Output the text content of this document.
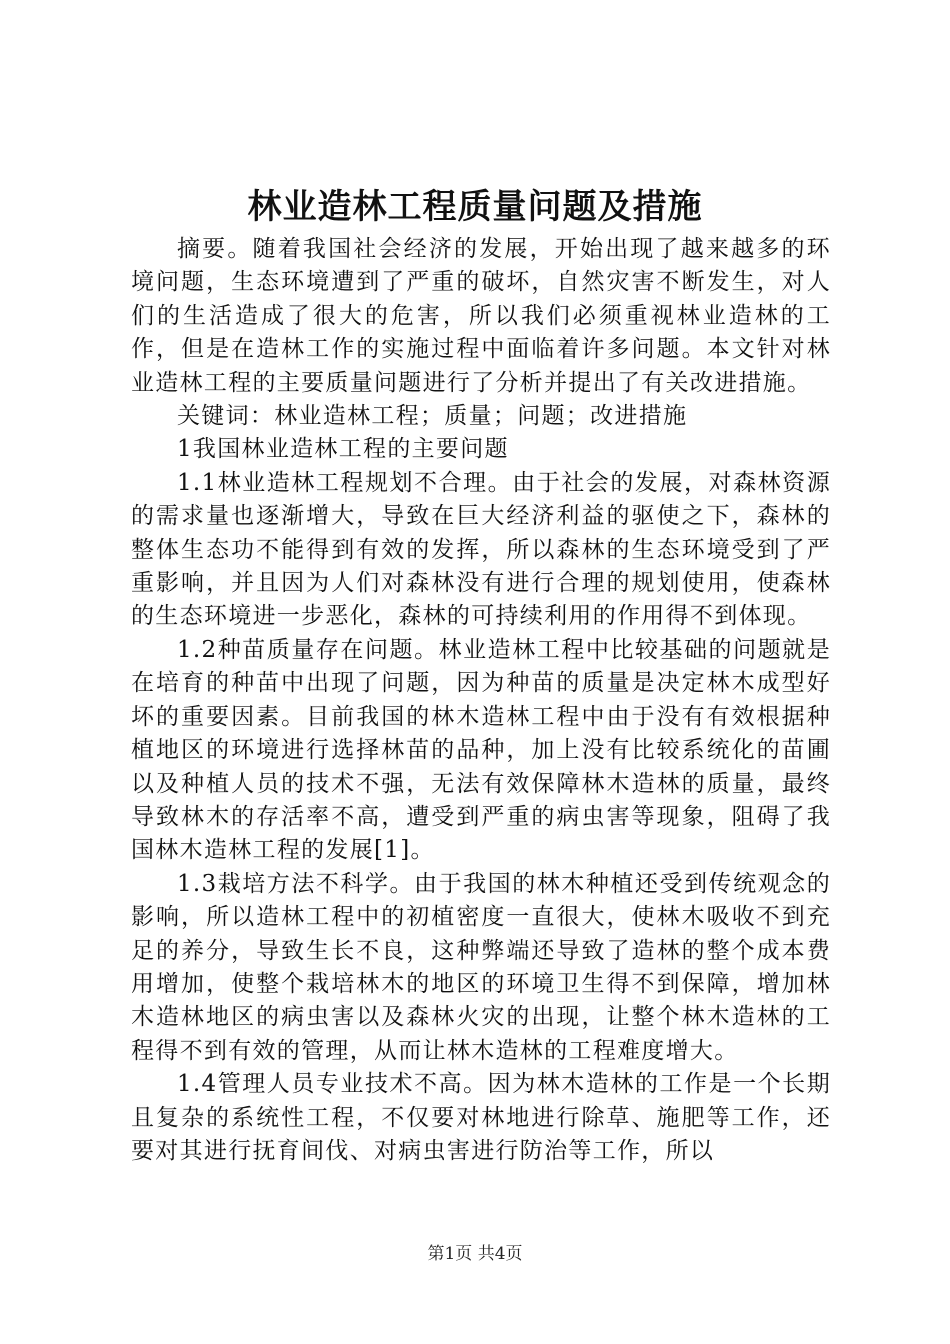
林业造林工程质量问题及措施

摘要。随着我国社会经济的发展，开始出现了越来越多的环境问题，生态环境遭到了严重的破坏，自然灾害不断发生，对人们的生活造成了很大的危害，所以我们必须重视林业造林的工作，但是在造林工作的实施过程中面临着许多问题。本文针对林业造林工程的主要质量问题进行了分析并提出了有关改进措施。

关键词：林业造林工程；质量；问题；改进措施

1我国林业造林工程的主要问题

1.1林业造林工程规划不合理。由于社会的发展，对森林资源的需求量也逐渐增大，导致在巨大经济利益的驱使之下，森林的整体生态功不能得到有效的发挥，所以森林的生态环境受到了严重影响，并且因为人们对森林没有进行合理的规划使用，使森林的生态环境进一步恶化，森林的可持续利用的作用得不到体现。

1.2种苗质量存在问题。林业造林工程中比较基础的问题就是在培育的种苗中出现了问题，因为种苗的质量是决定林木成型好坏的重要因素。目前我国的林木造林工程中由于没有有效根据种植地区的环境进行选择林苗的品种，加上没有比较系统化的苗圃以及种植人员的技术不强，无法有效保障林木造林的质量，最终导致林木的存活率不高，遭受到严重的病虫害等现象，阻碍了我国林木造林工程的发展[1]。

1.3栽培方法不科学。由于我国的林木种植还受到传统观念的影响，所以造林工程中的初植密度一直很大，使林木吸收不到充足的养分，导致生长不良，这种弊端还导致了造林的整个成本费用增加，使整个栽培林木的地区的环境卫生得不到保障，增加林木造林地区的病虫害以及森林火灾的出现，让整个林木造林的工程得不到有效的管理，从而让林木造林的工程难度增大。

1.4管理人员专业技术不高。因为林木造林的工作是一个长期且复杂的系统性工程，不仅要对林地进行除草、施肥等工作，还要对其进行抚育间伐、对病虫害进行防治等工作，所以

第1页 共4页
